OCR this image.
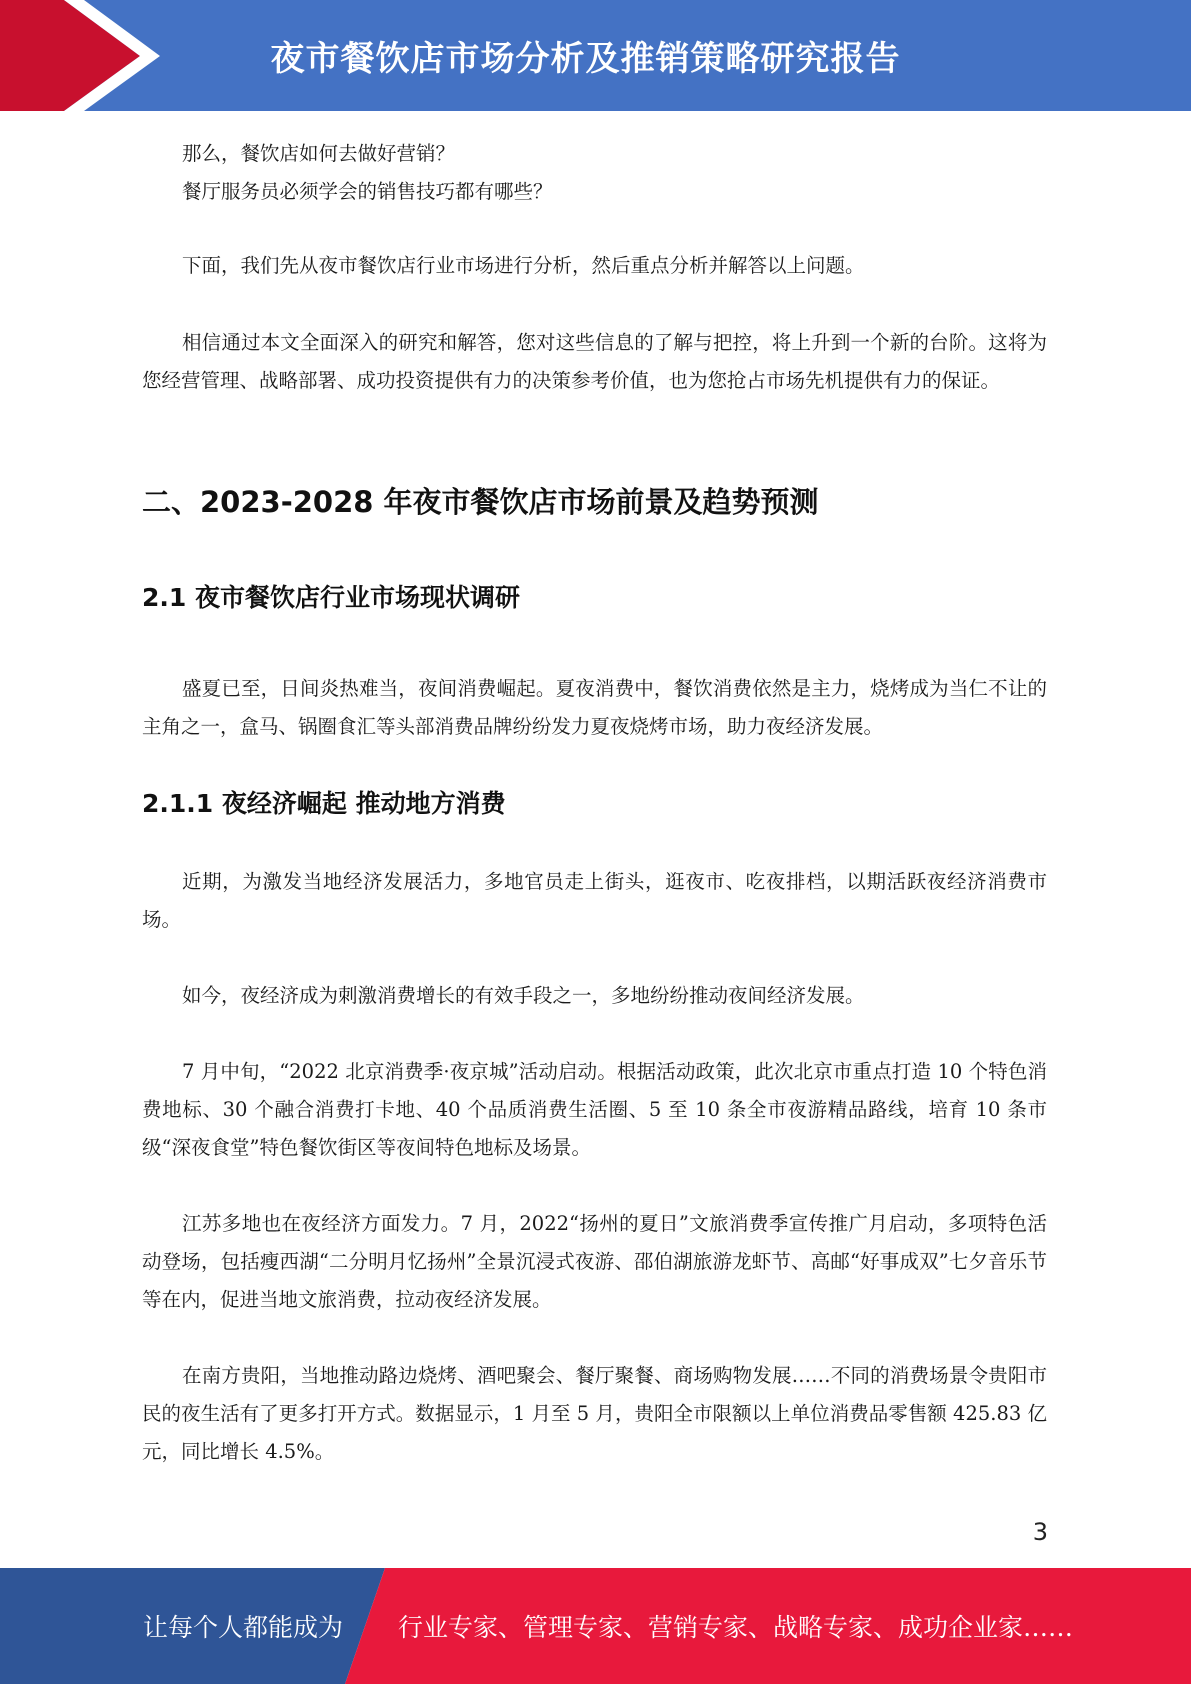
夜市餐饮店市场分析及推销策略研究报告

那么，餐饮店如何去做好营销？

餐厅服务员必须学会的销售技巧都有哪些？

下面，我们先从夜市餐饮店行业市场进行分析，然后重点分析并解答以上问题。

相信通过本文全面深入的研究和解答，您对这些信息的了解与把控，将上升到一个新的台阶。这将为您经营管理、战略部署、成功投资提供有力的决策参考价值，也为您抢占市场先机提供有力的保证。

二、2023-2028 年夜市餐饮店市场前景及趋势预测
2.1 夜市餐饮店行业市场现状调研

盛夏已至，日间炎热难当，夜间消费崛起。夏夜消费中，餐饮消费依然是主力，烧烤成为当仁不让的主角之一，盒马、锅圈食汇等头部消费品牌纷纷发力夏夜烧烤市场，助力夜经济发展。

2.1.1 夜经济崛起 推动地方消费

近期，为激发当地经济发展活力，多地官员走上街头，逛夜市、吃夜排档，以期活跃夜经济消费市场。

如今，夜经济成为刺激消费增长的有效手段之一，多地纷纷推动夜间经济发展。

7 月中旬，“2022 北京消费季·夜京城”活动启动。根据活动政策，此次北京市重点打造 10 个特色消费地标、30 个融合消费打卡地、40 个品质消费生活圈、5 至 10 条全市夜游精品路线，培育 10 条市级“深夜食堂”特色餐饮街区等夜间特色地标及场景。

江苏多地也在夜经济方面发力。7 月，2022“扬州的夏日”文旅消费季宣传推广月启动，多项特色活动登场，包括瘦西湖“二分明月忆扬州”全景沉浸式夜游、邵伯湖旅游龙虾节、高邮“好事成双”七夕音乐节等在内，促进当地文旅消费，拉动夜经济发展。

在南方贵阳，当地推动路边烧烤、酒吧聚会、餐厅聚餐、商场购物发展……不同的消费场景令贵阳市民的夜生活有了更多打开方式。数据显示，1 月至 5 月，贵阳全市限额以上单位消费品零售额 425.83 亿元，同比增长 4.5%。

3
让每个人都能成为 行业专家、管理专家、营销专家、战略专家、成功企业家……
